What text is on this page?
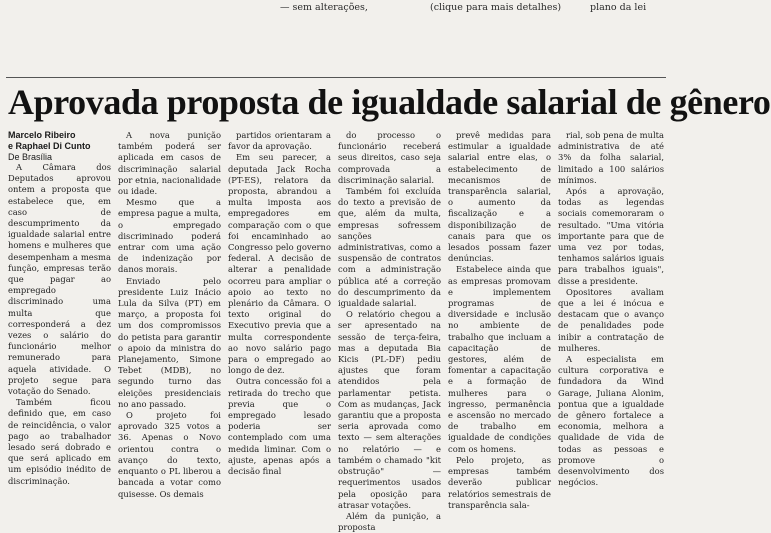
— sem alterações,	(clique para mais detalhes)	plano da lei
Aprovada proposta de igualdade salarial de gênero
Marcelo Ribeiro
e Raphael Di Cunto
De Brasília

A Câmara dos Deputados aprovou ontem a proposta que estabelece que, em caso de descumprimento da igualdade salarial entre homens e mulheres que desempenham a mesma função, empresas terão que pagar ao empregado discriminado uma multa que corresponderá a dez vezes o salário do funcionário melhor remunerado para aquela atividade. O projeto segue para votação do Senado.

Também ficou definido que, em caso de reincidência, o valor pago ao trabalhador lesado será dobrado e que será aplicado em um episódio inédito de discriminação.

A nova punição também poderá ser aplicada em casos de discriminação salarial por etnia, nacionalidade ou idade.

Mesmo que a empresa pague a multa, o empregado discriminado poderá entrar com uma ação de indenização por danos morais.

Enviado pelo presidente Luiz Inácio Lula da Silva (PT) em março, a proposta foi um dos compromissos do petista para garantir o apoio da ministra do Planejamento, Simone Tebet (MDB), no segundo turno das eleições presidenciais no ano passado.

O projeto foi aprovado 325 votos a 36. Apenas o Novo orientou contra o avanço do texto, enquanto o PL liberou a bancada a votar como quisesse. Os demais

partidos orientaram a favor da aprovação.

Em seu parecer, a deputada Jack Rocha (PT-ES), relatora da proposta, abrandou a multa imposta aos empregadores em comparação com o que foi encaminhado ao Congresso pelo governo federal. A decisão de alterar a penalidade ocorreu para ampliar o apoio ao texto no plenário da Câmara. O texto original do Executivo previa que a multa correspondente ao novo salário pago para o empregado ao longo de dez.

Outra concessão foi a retirada do trecho que previa que o empregado lesado poderia ser contemplado com uma medida liminar. Com o ajuste, apenas após a decisão final

do processo o funcionário receberá seus direitos, caso seja comprovada a discriminação salarial.

Também foi excluída do texto a previsão de que, além da multa, empresas sofressem sanções administrativas, como a suspensão de contratos com a administração pública até a correção do descumprimento da igualdade salarial.

O relatório chegou a ser apresentado na sessão de terça-feira, mas a deputada Bia Kicis (PL-DF) pediu ajustes que foram atendidos pela parlamentar petista. Com as mudanças, Jack garantiu que a proposta seria aprovada como texto — sem alterações no relatório — e também o chamado "kit obstrução" — requerimentos usados pela oposição para atrasar votações.

Além da punição, a proposta

prevê medidas para estimular a igualdade salarial entre elas, o estabelecimento de mecanismos de transparência salarial, o aumento da fiscalização e a disponibilização de canais para que os lesados possam fazer denúncias.

Estabelece ainda que as empresas promovam e implementem programas de diversidade e inclusão no ambiente de trabalho que incluam a capacitação de gestores, além de fomentar a capacitação e a formação de mulheres para o ingresso, permanência e ascensão no mercado de trabalho em igualdade de condições com os homens.

Pelo projeto, as empresas também deverão publicar relatórios semestrais de transparência sala-

rial, sob pena de multa administrativa de até 3% da folha salarial, limitado a 100 salários mínimos.

Após a aprovação, todas as legendas sociais comemoraram o resultado. "Uma vitória importante para que de uma vez por todas, tenhamos salários iguais para trabalhos iguais", disse a presidente.

Opositores avaliam que a lei é inócua e destacam que o avanço de penalidades pode inibir a contratação de mulheres.

A especialista em cultura corporativa e fundadora da Wind Garage, Juliana Alonim, pontua que a igualdade de gênero fortalece a economia, melhora a qualidade de vida de todas as pessoas e promove o desenvolvimento dos negócios.
